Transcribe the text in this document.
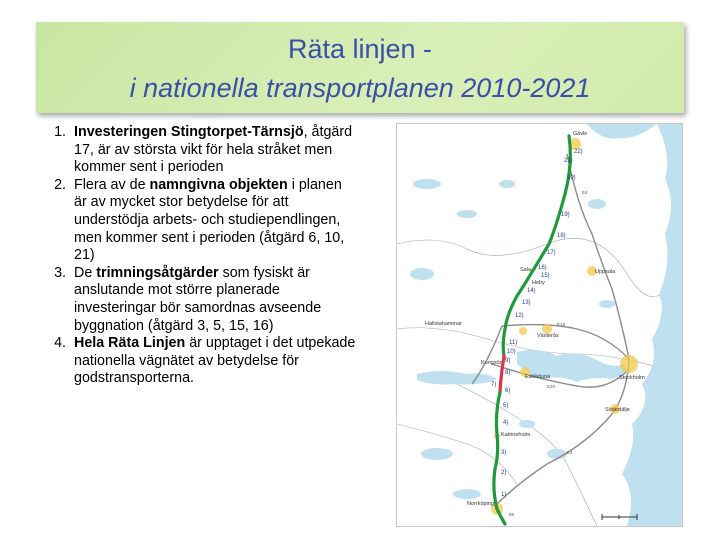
Räta linjen -
i nationella transportplanen 2010-2021
1. Investeringen Stingtorpet-Tärnsjö, åtgärd 17, är av största vikt för hela stråket men kommer sent i perioden
2. Flera av de namngivna objekten i planen är av mycket stor betydelse för att understödja arbets- och studiependlingen, men kommer sent i perioden (åtgärd 6, 10, 21)
3. De trimningsåtgärder som fysiskt är anslutande mot större planerade investeringar bör samordnas avseende byggnation (åtgärd 3, 5, 15, 16)
4. Hela Räta Linjen är upptaget i det utpekade nationella vägnätet av betydelse för godstransporterna.
Gävle
Sala
Heby
Uppsala
Hallstahammar
Västerås
Kungsör
Eskilstuna	Stockholm
Södertälje
Katrineholm
Norrköping
22)
21)
20)
19)
18)
17)
16)
15)
14)
13)
12)
11)
10)
9)
8)
7)
6)
5)
4)
3)
2)
1)
E4
E18
E20
E4
56
